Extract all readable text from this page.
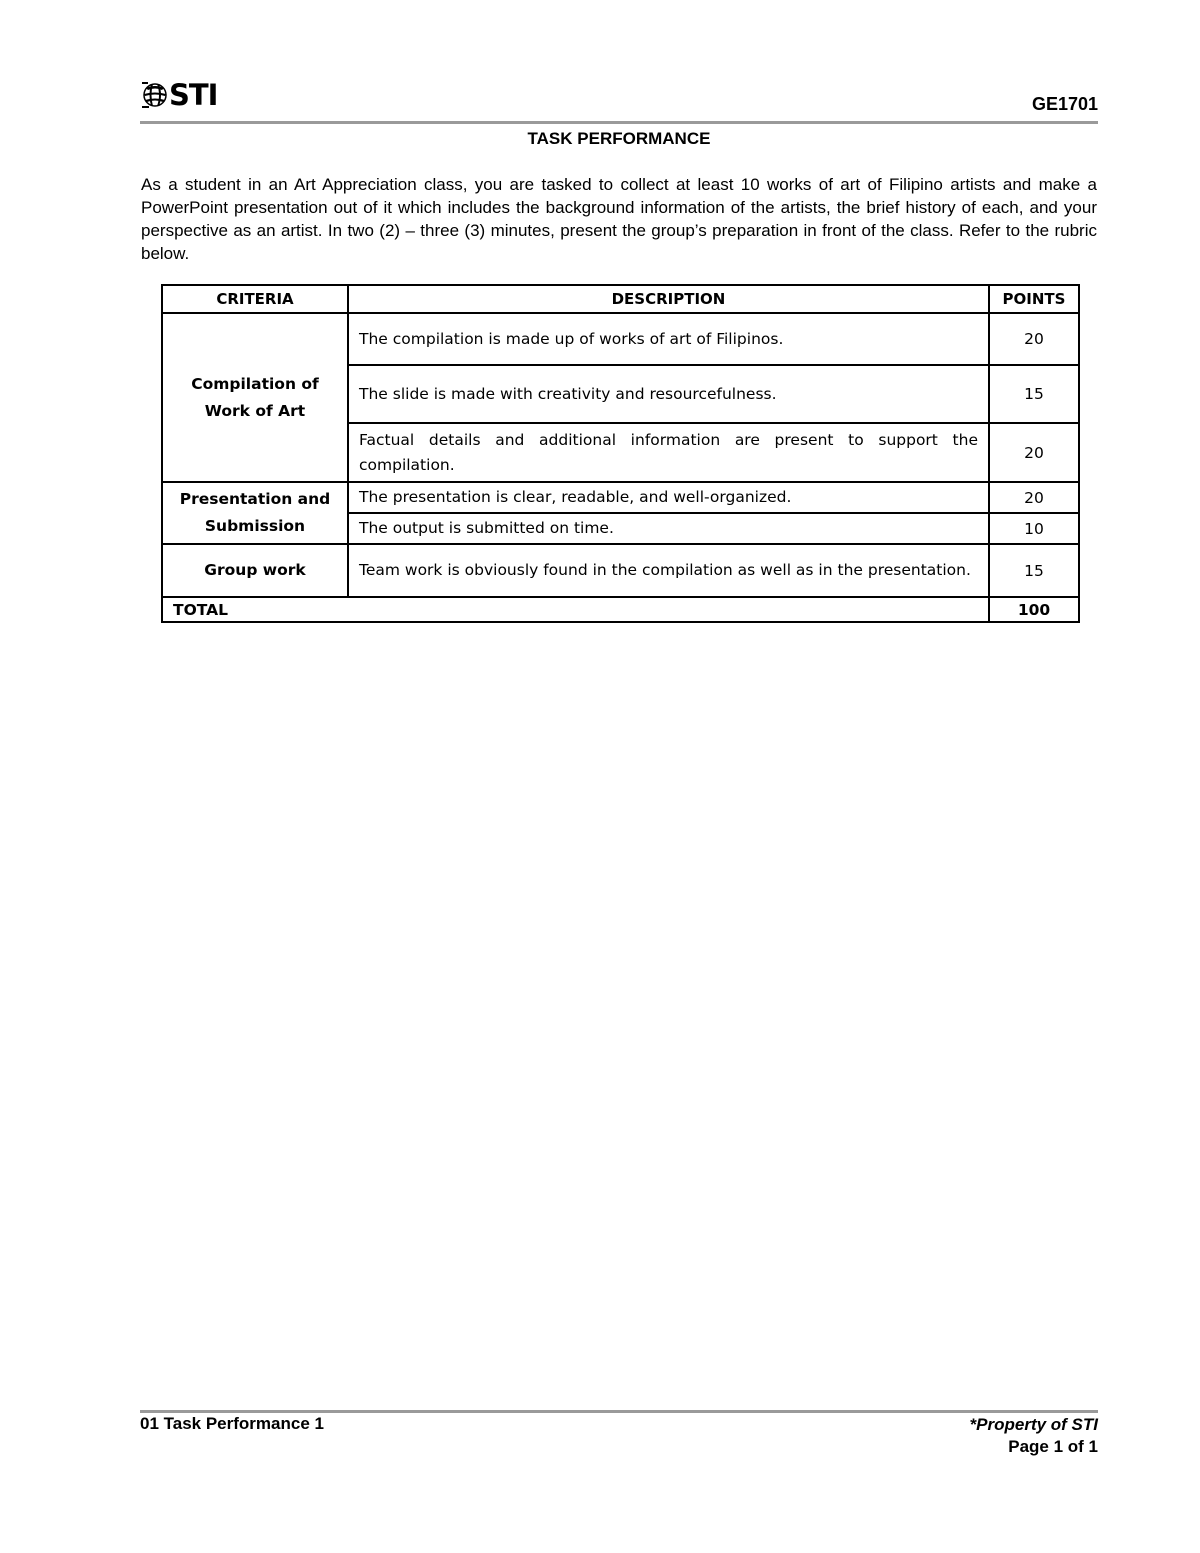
STI	GE1701
TASK PERFORMANCE

As a student in an Art Appreciation class, you are tasked to collect at least 10 works of art of Filipino artists and make a PowerPoint presentation out of it which includes the background information of the artists, the brief history of each, and your perspective as an artist. In two (2) – three (3) minutes, present the group’s preparation in front of the class. Refer to the rubric below.

CRITERIA	DESCRIPTION	POINTS
Compilation of Work of Art	The compilation is made up of works of art of Filipinos.	20
	The slide is made with creativity and resourcefulness.	15
	Factual details and additional information are present to support the compilation.	20
Presentation and Submission	The presentation is clear, readable, and well-organized.	20
	The output is submitted on time.	10
Group work	Team work is obviously found in the compilation as well as in the presentation.	15
TOTAL		100
01 Task Performance 1	*Property of STI
Page 1 of 1
